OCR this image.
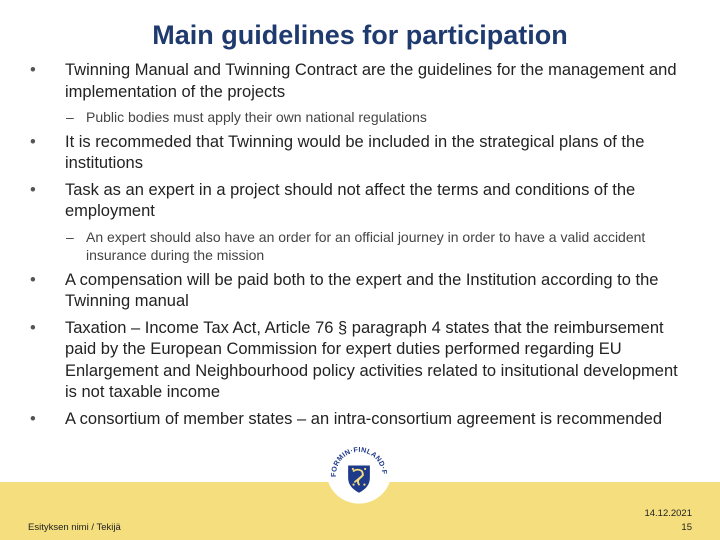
Main guidelines for participation
• Twinning Manual and Twinning Contract are the guidelines for the management and implementation of the projects
– Public bodies must apply their own national regulations
• It is recommeded that Twinning would be included in the strategical plans of the institutions
• Task as an expert in a project should not affect the terms and conditions of the employment
– An expert should also have an order for an official journey in order to have a valid accident insurance during the mission
• A compensation will be paid both to the expert and the Institution according to the Twinning manual
• Taxation – Income Tax Act, Article 76 § paragraph 4 states that the reimbursement paid by the European Commission for expert duties performed regarding EU Enlargement and Neighbourhood policy activities related to insitutional development is not taxable income
• A consortium of member states – an intra-consortium agreement is recommended
FORMIN·FINLAND·F
Esityksen nimi / Tekijä
14.12.2021
15
